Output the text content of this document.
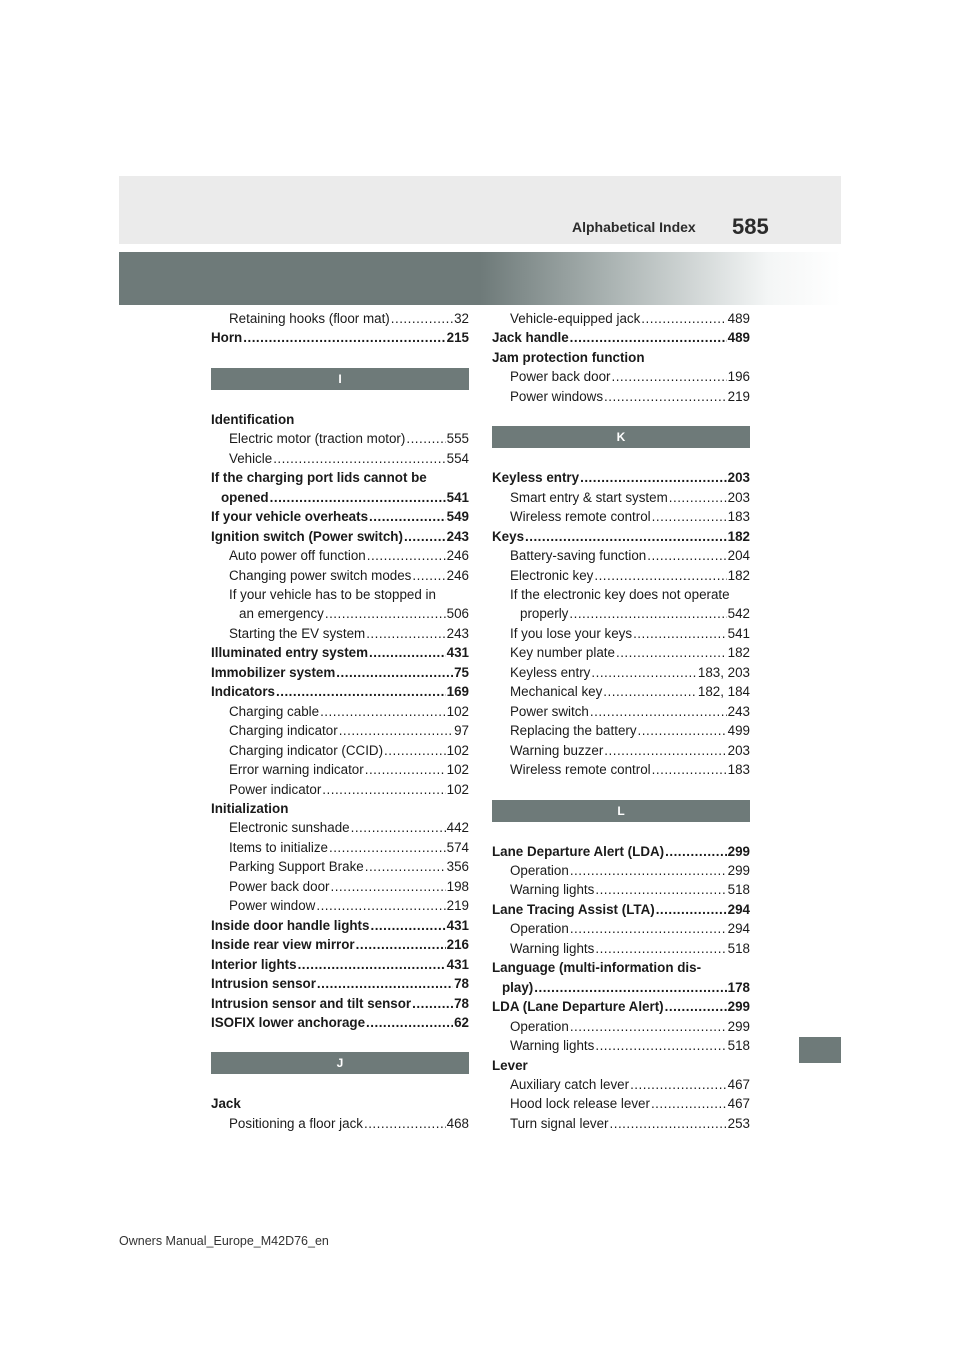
Alphabetical Index 585
Retaining hooks (floor mat) .....	32
Horn .....	215
I
Identification
Electric motor (traction motor) .....	555
Vehicle .....	554
If the charging port lids cannot be
opened .....	541
If your vehicle overheats .....	549
Ignition switch (Power switch) .....	243
Auto power off function .....	246
Changing power switch modes .....	246
If your vehicle has to be stopped in
an emergency .....	506
Starting the EV system .....	243
Illuminated entry system .....	431
Immobilizer system .....	75
Indicators .....	169
Charging cable .....	102
Charging indicator .....	97
Charging indicator (CCID) .....	102
Error warning indicator .....	102
Power indicator .....	102
Initialization
Electronic sunshade .....	442
Items to initialize .....	574
Parking Support Brake .....	356
Power back door .....	198
Power window .....	219
Inside door handle lights .....	431
Inside rear view mirror .....	216
Interior lights .....	431
Intrusion sensor .....	78
Intrusion sensor and tilt sensor .....	78
ISOFIX lower anchorage .....	62
J
Jack
Positioning a floor jack .....	468
Vehicle-equipped jack .....	489
Jack handle .....	489
Jam protection function
Power back door .....	196
Power windows .....	219
K
Keyless entry .....	203
Smart entry & start system .....	203
Wireless remote control .....	183
Keys .....	182
Battery-saving function .....	204
Electronic key .....	182
If the electronic key does not operate
properly .....	542
If you lose your keys .....	541
Key number plate .....	182
Keyless entry .....	183, 203
Mechanical key .....	182, 184
Power switch .....	243
Replacing the battery .....	499
Warning buzzer .....	203
Wireless remote control .....	183
L
Lane Departure Alert (LDA) .....	299
Operation .....	299
Warning lights .....	518
Lane Tracing Assist (LTA) .....	294
Operation .....	294
Warning lights .....	518
Language (multi-information dis-
play) .....	178
LDA (Lane Departure Alert) .....	299
Operation .....	299
Warning lights .....	518
Lever
Auxiliary catch lever .....	467
Hood lock release lever .....	467
Turn signal lever .....	253
Owners Manual_Europe_M42D76_en
